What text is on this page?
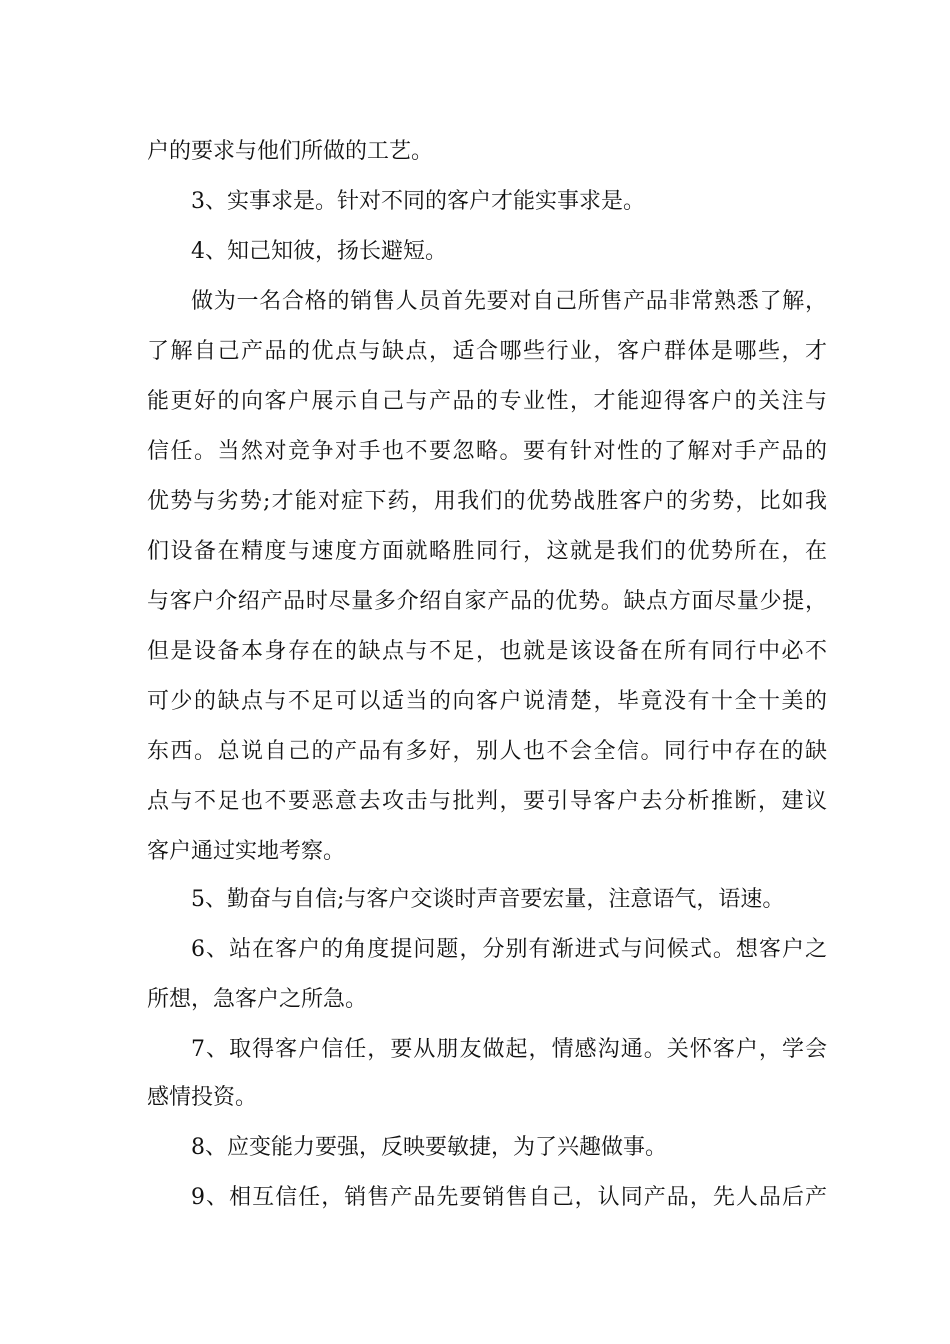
户的要求与他们所做的工艺。
3、实事求是。针对不同的客户才能实事求是。
4、知己知彼，扬长避短。
做为一名合格的销售人员首先要对自己所售产品非常熟悉了解，
了解自己产品的优点与缺点，适合哪些行业，客户群体是哪些，才
能更好的向客户展示自己与产品的专业性，才能迎得客户的关注与
信任。当然对竞争对手也不要忽略。要有针对性的了解对手产品的
优势与劣势;才能对症下药，用我们的优势战胜客户的劣势，比如我
们设备在精度与速度方面就略胜同行，这就是我们的优势所在，在
与客户介绍产品时尽量多介绍自家产品的优势。缺点方面尽量少提，
但是设备本身存在的缺点与不足，也就是该设备在所有同行中必不
可少的缺点与不足可以适当的向客户说清楚，毕竟没有十全十美的
东西。总说自己的产品有多好，别人也不会全信。同行中存在的缺
点与不足也不要恶意去攻击与批判，要引导客户去分析推断，建议
客户通过实地考察。
5、勤奋与自信;与客户交谈时声音要宏量，注意语气，语速。
6、站在客户的角度提问题，分别有渐进式与问候式。想客户之
所想，急客户之所急。
7、取得客户信任，要从朋友做起，情感沟通。关怀客户，学会
感情投资。
8、应变能力要强，反映要敏捷，为了兴趣做事。
9、相互信任，销售产品先要销售自己，认同产品，先人品后产
